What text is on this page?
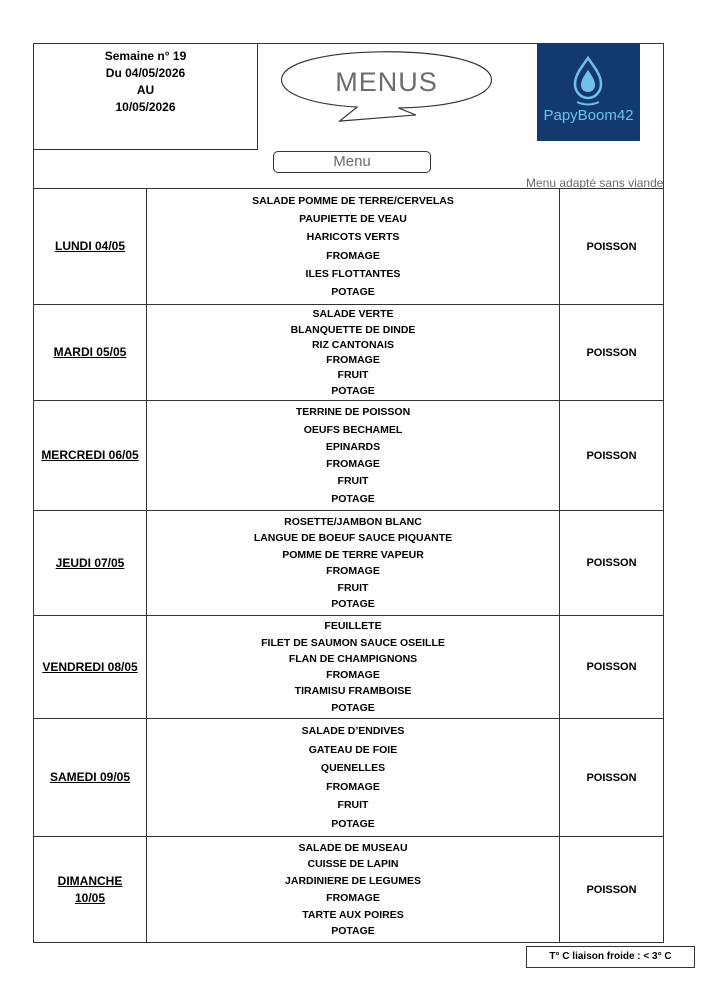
Semaine n° 19
Du 04/05/2026
AU
10/05/2026
MENUS
PapyBoom42
Menu
Menu adapté sans viande
LUNDI 04/05
SALADE POMME DE TERRE/CERVELAS
PAUPIETTE DE VEAU
HARICOTS VERTS
FROMAGE
ILES FLOTTANTES
POTAGE
POISSON
MARDI 05/05
SALADE VERTE
BLANQUETTE DE DINDE
RIZ CANTONAIS
FROMAGE
FRUIT
POTAGE
POISSON
MERCREDI 06/05
TERRINE DE POISSON
OEUFS BECHAMEL
EPINARDS
FROMAGE
FRUIT
POTAGE
POISSON
JEUDI 07/05
ROSETTE/JAMBON BLANC
LANGUE DE BOEUF SAUCE PIQUANTE
POMME DE TERRE VAPEUR
FROMAGE
FRUIT
POTAGE
POISSON
VENDREDI 08/05
FEUILLETE
FILET DE SAUMON SAUCE OSEILLE
FLAN DE CHAMPIGNONS
FROMAGE
TIRAMISU FRAMBOISE
POTAGE
POISSON
SAMEDI 09/05
SALADE D’ENDIVES
GATEAU DE FOIE
QUENELLES
FROMAGE
FRUIT
POTAGE
POISSON
DIMANCHE 10/05
SALADE DE MUSEAU
CUISSE DE LAPIN
JARDINIERE DE LEGUMES
FROMAGE
TARTE AUX POIRES
POTAGE
POISSON
T° C liaison froide : < 3° C
